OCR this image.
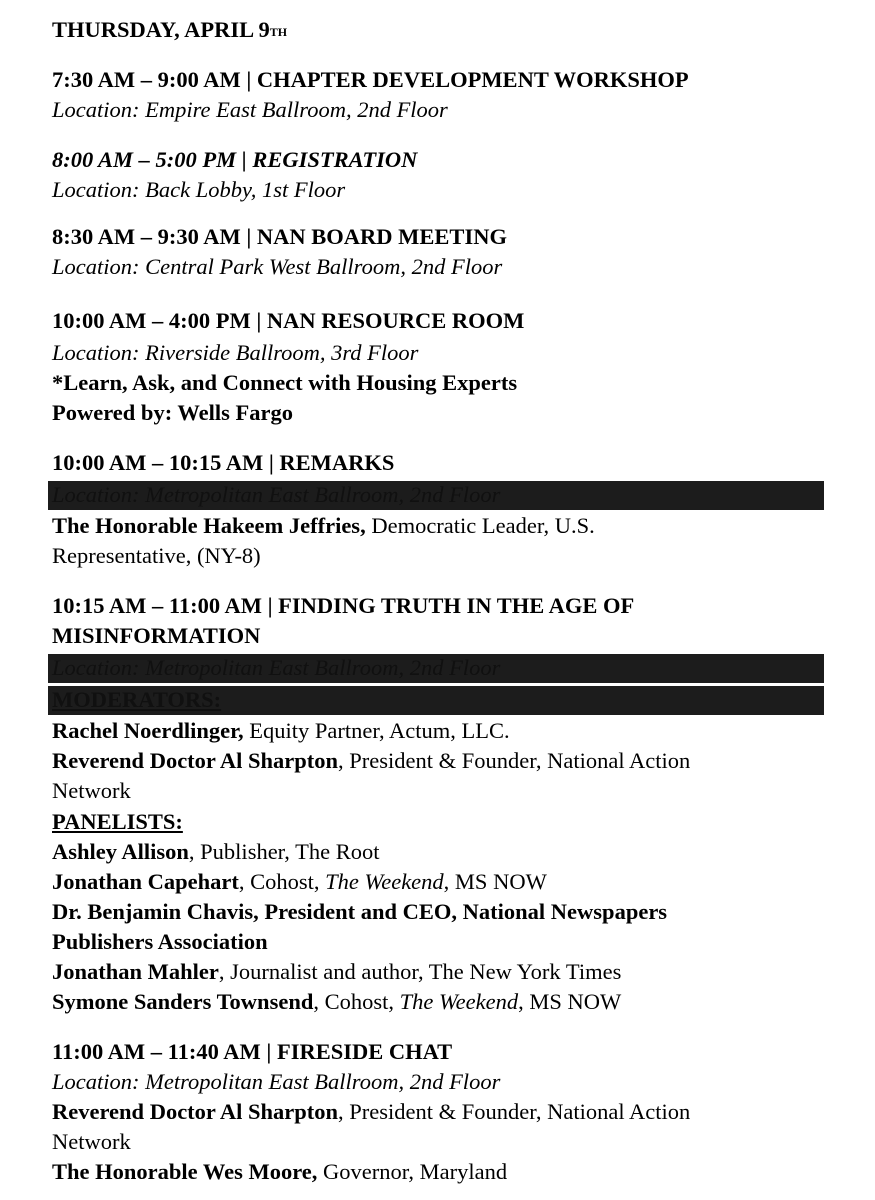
THURSDAY, APRIL 9TH

7:30 AM – 9:00 AM | CHAPTER DEVELOPMENT WORKSHOP

Location: Empire East Ballroom, 2nd Floor

8:00 AM – 5:00 PM | REGISTRATION

Location: Back Lobby, 1st Floor

8:30 AM – 9:30 AM | NAN BOARD MEETING

Location: Central Park West Ballroom, 2nd Floor

10:00 AM – 4:00 PM | NAN RESOURCE ROOM

Location: Riverside Ballroom, 3rd Floor

*Learn, Ask, and Connect with Housing Experts

Powered by: Wells Fargo

10:00 AM – 10:15 AM | REMARKS

Location: Metropolitan East Ballroom, 2nd Floor

The Honorable Hakeem Jeffries, Democratic Leader, U.S.

Representative, (NY-8)

10:15 AM – 11:00 AM | FINDING TRUTH IN THE AGE OF

MISINFORMATION

Location: Metropolitan East Ballroom, 2nd Floor
MODERATORS:

Rachel Noerdlinger, Equity Partner, Actum, LLC.

Reverend Doctor Al Sharpton, President & Founder, National Action

Network

PANELISTS:

Ashley Allison, Publisher, The Root

Jonathan Capehart, Cohost, The Weekend, MS NOW

Dr. Benjamin Chavis, President and CEO, National Newspapers

Publishers Association

Jonathan Mahler, Journalist and author, The New York Times

Symone Sanders Townsend, Cohost, The Weekend, MS NOW

11:00 AM – 11:40 AM | FIRESIDE CHAT

Location: Metropolitan East Ballroom, 2nd Floor

Reverend Doctor Al Sharpton, President & Founder, National Action

Network

The Honorable Wes Moore, Governor, Maryland
